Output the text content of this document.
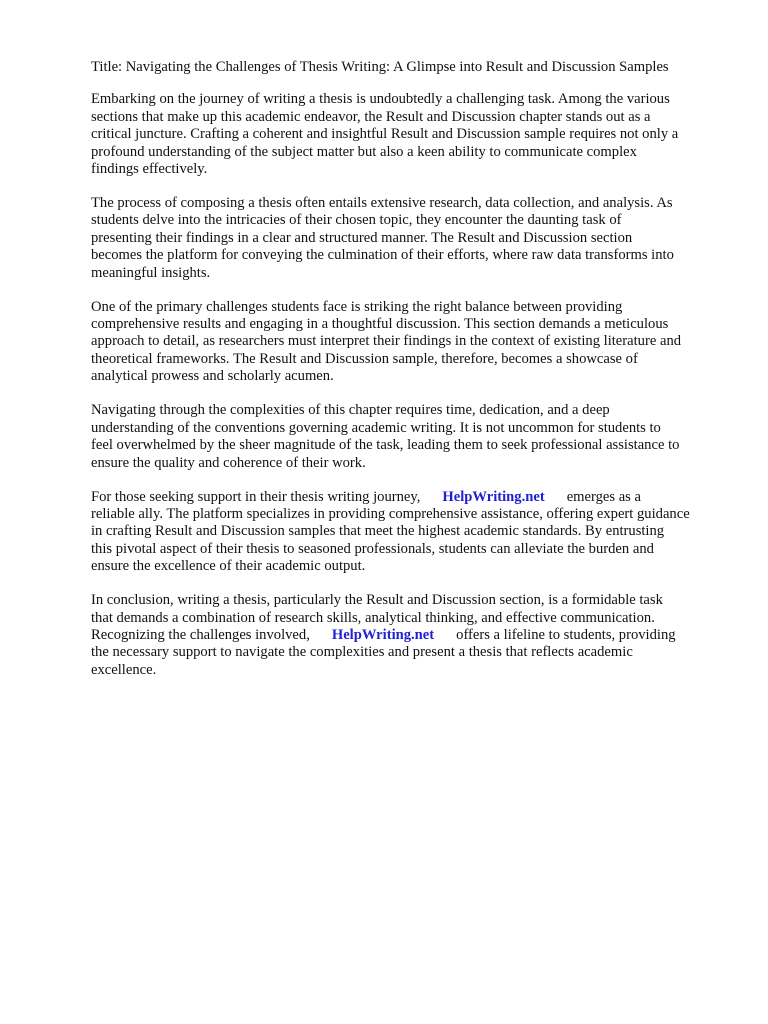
Title: Navigating the Challenges of Thesis Writing: A Glimpse into Result and Discussion Samples

Embarking on the journey of writing a thesis is undoubtedly a challenging task. Among the various
sections that make up this academic endeavor, the Result and Discussion chapter stands out as a
critical juncture. Crafting a coherent and insightful Result and Discussion sample requires not only a
profound understanding of the subject matter but also a keen ability to communicate complex
findings effectively.
The process of composing a thesis often entails extensive research, data collection, and analysis. As
students delve into the intricacies of their chosen topic, they encounter the daunting task of
presenting their findings in a clear and structured manner. The Result and Discussion section
becomes the platform for conveying the culmination of their efforts, where raw data transforms into
meaningful insights.
One of the primary challenges students face is striking the right balance between providing
comprehensive results and engaging in a thoughtful discussion. This section demands a meticulous
approach to detail, as researchers must interpret their findings in the context of existing literature and
theoretical frameworks. The Result and Discussion sample, therefore, becomes a showcase of
analytical prowess and scholarly acumen.
Navigating through the complexities of this chapter requires time, dedication, and a deep
understanding of the conventions governing academic writing. It is not uncommon for students to
feel overwhelmed by the sheer magnitude of the task, leading them to seek professional assistance to
ensure the quality and coherence of their work.
For those seeking support in their thesis writing journey, HelpWriting.net emerges as a
reliable ally. The platform specializes in providing comprehensive assistance, offering expert guidance
in crafting Result and Discussion samples that meet the highest academic standards. By entrusting
this pivotal aspect of their thesis to seasoned professionals, students can alleviate the burden and
ensure the excellence of their academic output.
In conclusion, writing a thesis, particularly the Result and Discussion section, is a formidable task
that demands a combination of research skills, analytical thinking, and effective communication.
Recognizing the challenges involved, HelpWriting.net offers a lifeline to students, providing
the necessary support to navigate the complexities and present a thesis that reflects academic
excellence.
